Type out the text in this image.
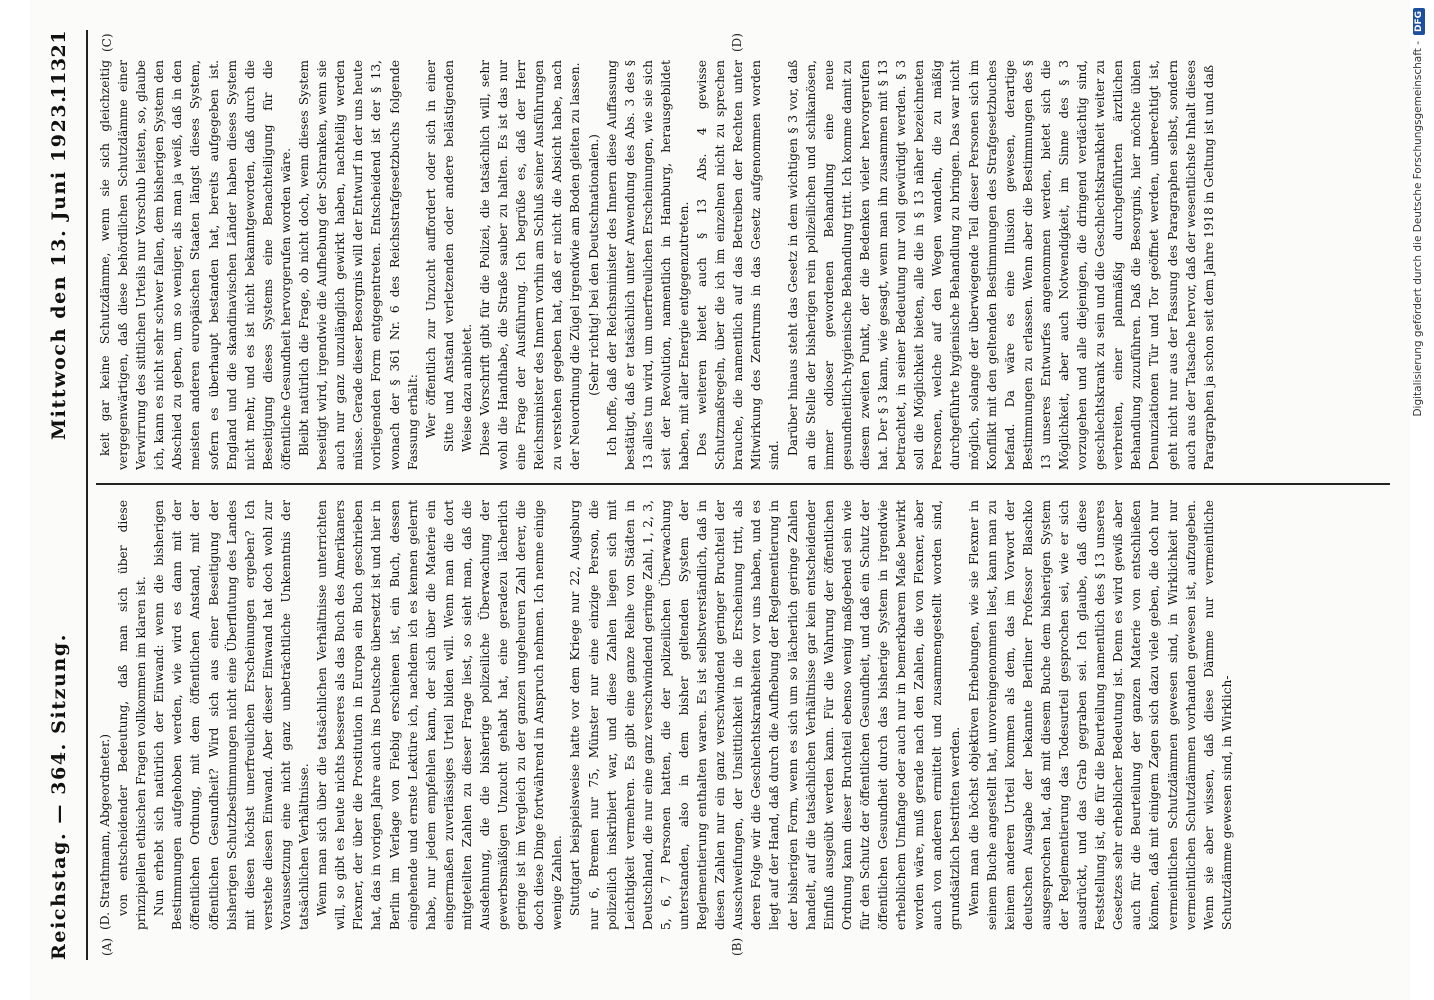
Reichstag. — 364. Sitzung.
Mittwoch den 13. Juni 1923.
11321
(A)	(B)
(C)	(D)

(D. Strathmann, Abgeordneter.) von entscheidender Bedeutung, daß man sich über diese prinzipiellen ethischen Fragen vollkommen im klaren ist. Nun erhebt sich natürlich der Einwand: wenn die bisherigen Bestimmungen aufgehoben werden, wie wird es dann mit der öffentlichen Ordnung, mit dem öffentlichen Anstand, mit der öffentlichen Gesundheit? Wird sich aus einer Beseitigung der bisherigen Schutzbestimmungen nicht eine Überflutung des Landes mit diesen höchst unerfreulichen Erscheinungen ergeben? Ich verstehe diesen Einwand. Aber dieser Einwand hat doch wohl zur Voraussetzung eine nicht ganz unbeträchtliche Unkenntnis der tatsächlichen Verhältnisse. Wenn man sich über die tatsächlichen Verhältnisse unterrichten will, so gibt es heute nichts besseres als das Buch des Amerikaners Flexner, der über die Prostitution in Europa ein Buch geschrieben hat, das in vorigen Jahre auch ins Deutsche übersetzt ist und hier in Berlin im Verlage von Fiebig erschienen ist, ein Buch, dessen eingehende und ernste Lektüre ich, nachdem ich es kennen gelernt habe, nur jedem empfehlen kann, der sich über die Materie ein eingermaßen zuverlässiges Urteil bilden will. Wenn man die dort mitgeteilten Zahlen zu dieser Frage liest, so sieht man, daß die Ausdehnung, die die bisherige polizeiliche Überwachung der gewerbsmäßigen Unzucht gehabt hat, eine geradezu lächerlich geringe ist im Vergleich zu der ganzen ungeheuren Zahl derer, die doch diese Dinge fortwährend in Anspruch nehmen. Ich nenne einige wenige Zahlen. Stuttgart beispielsweise hatte vor dem Kriege nur 22, Augsburg nur 6, Bremen nur 75, Münster nur eine einzige Person, die polizeilich inskribiert war, und diese Zahlen liegen sich mit Leichtigkeit vermehren. Es gibt eine ganze Reihe von Städten in Deutschland, die nur eine ganz verschwindend geringe Zahl, 1, 2, 3, 5, 6, 7 Personen hatten, die der polizeilichen Überwachung unterstanden, also in dem bisher geltenden System der Reglementierung enthalten waren. Es ist selbstverständlich, daß in diesen Zahlen nur ein ganz verschwindend geringer Bruchteil der Ausschweifungen, der Unsittlichkeit in die Erscheinung tritt, als deren Folge wir die Geschlechtskrankheiten vor uns haben, und es liegt auf der Hand, daß durch die Aufhebung der Reglementierung in der bisherigen Form, wenn es sich um so lächerlich geringe Zahlen handelt, auf die tatsächlichen Verhältnisse gar kein entscheidender Einfluß ausgeübt werden kann. Für die Wahrung der öffentlichen Ordnung kann dieser Bruchteil ebenso wenig maßgebend sein wie für den Schutz der öffentlichen Gesundheit, und daß ein Schutz der öffentlichen Gesundheit durch das bisherige System in irgendwie erheblichem Umfange oder auch nur in bemerkbarem Maße bewirkt worden wäre, muß gerade nach den Zahlen, die von Flexner, aber auch von anderen ermittelt und zusammengestellt worden sind, grundsätzlich bestritten werden. Wenn man die höchst objektiven Erhebungen, wie sie Flexner in seinem Buche angestellt hat, unvoreingenommen liest, kann man zu keinem anderen Urteil kommen als dem, das im Vorwort der deutschen Ausgabe der bekannte Berliner Professor Blaschko ausgesprochen hat, daß mit diesem Buche dem bisherigen System der Reglementierung das Todesurteil gesprochen sei, wie er sich ausdrückt, und das Grab gegraben sei. Ich glaube, daß diese Feststellung ist, die für die Beurteilung namentlich des § 13 unseres Gesetzes sehr erheblicher Bedeutung ist. Denn es wird gewiß aber auch für die Beurteilung der ganzen Materie von entschließen können, daß mit einigem Zagen sich dazu viele geben, die doch nur vermeintlichen Schutzdämmen gewesen sind, in Wirklichkeit nur vermeintlichen Schutzdämmen vorhanden gewesen ist, aufzugeben. Wenn sie aber wissen, daß diese Dämme nur vermeintliche Schutzdämme gewesen sind, in Wirklich-

keit gar keine Schutzdämme, wenn sie sich gleichzeitig vergegenwärtigen, daß diese behördlichen Schutzdämme einer Verwirrung des sittlichen Urteils nur Vorschub leisten, so, glaube ich, kann es nicht sehr schwer fallen, dem bisherigen System den Abschied zu geben, um so weniger, als man ja weiß, daß in den meisten anderen europäischen Staaten längst dieses System, sofern es überhaupt bestanden hat, bereits aufgegeben ist. England und die skandinavischen Länder haben dieses System nicht mehr, und es ist nicht bekanntgeworden, daß durch die Beseitigung dieses Systems eine Benachteiligung für die öffentliche Gesundheit hervorgerufen worden wäre. Bleibt natürlich die Frage, ob nicht doch, wenn dieses System beseitigt wird, irgendwie die Aufhebung der Schranken, wenn sie auch nur ganz unzulänglich gewirkt haben, nachteilig werden müsse. Gerade dieser Besorgnis will der Entwurf in der uns heute vorliegenden Form entgegentreten. Entscheidend ist der § 13, wonach der § 361 Nr. 6 des Reichsstrafgesetzbuchs folgende Fassung erhält: Wer öffentlich zur Unzucht auffordert oder sich in einer Sitte und Anstand verletzenden oder andere belästigenden Weise dazu anbietet. Diese Vorschrift gibt für die Polizei, die tatsächlich will, sehr wohl die Handhabe, die Straße sauber zu halten. Es ist das nur eine Frage der Ausführung. Ich begrüße es, daß der Herr Reichsminister des Innern vorhin am Schluß seiner Ausführungen zu verstehen gegeben hat, daß er nicht die Absicht habe, nach der Neuordnung die Zügel irgendwie am Boden gleiten zu lassen. (Sehr richtig! bei den Deutschnationalen.) Ich hoffe, daß der Reichsminister des Innern diese Auffassung bestätigt, daß er tatsächlich unter Anwendung des Abs. 3 des § 13 alles tun wird, um unerfreulichen Erscheinungen, wie sie sich seit der Revolution, namentlich in Hamburg, herausgebildet haben, mit aller Energie entgegenzutreten. Des weiteren bietet auch § 13 Abs. 4 gewisse Schutzmaßregeln, über die ich im einzelnen nicht zu sprechen brauche, die namentlich auf das Betreiben der Rechten unter Mitwirkung des Zentrums in das Gesetz aufgenommen worden sind. Darüber hinaus steht das Gesetz in dem wichtigen § 3 vor, daß an die Stelle der bisherigen rein polizeilichen und schikanösen, immer odioser gewordenen Behandlung eine neue gesundheitlich-hygienische Behandlung tritt. Ich komme damit zu diesem zweiten Punkt, der die Bedenken vieler hervorgerufen hat. Der § 3 kann, wie gesagt, wenn man ihn zusammen mit § 13 betrachtet, in seiner Bedeutung nur voll gewürdigt werden. § 3 soll die Möglichkeit bieten, alle die in § 13 näher bezeichneten Personen, welche auf den Wegen wandeln, die zu mäßig durchgeführte hygienische Behandlung zu bringen. Das war nicht möglich, solange der überwiegende Teil dieser Personen sich im Konflikt mit den geltenden Bestimmungen des Strafgesetzbuches befand. Da wäre es eine Illusion gewesen, derartige Bestimmungen zu erlassen. Wenn aber die Bestimmungen des § 13 unseres Entwurfes angenommen werden, bietet sich die Möglichkeit, aber auch Notwendigkeit, im Sinne des § 3 vorzugehen und alle diejenigen, die dringend verdächtig sind, geschlechtskrank zu sein und die Geschlechtskrankheit weiter zu verbreiten, einer planmäßig durchgeführten ärztlichen Behandlung zuzuführen. Daß die Besorgnis, hier möchte üblen Denunziationen Tür und Tor geöffnet werden, unberechtigt ist, geht nicht nur aus der Fassung des Paragraphen selbst, sondern auch aus der Tatsache hervor, daß der wesentlichste Inhalt dieses Paragraphen ja schon seit dem Jahre 1918 in Geltung ist und daß	Digitalisierung gefördert durch die Deutsche Forschungsgemeinschaft -DFG
